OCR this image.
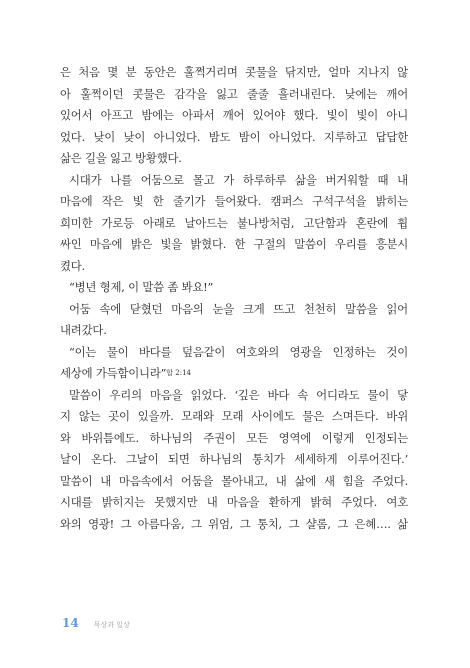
은 처음 몇 분 동안은 훌쩍거리며 콧물을 닦지만, 얼마 지나지 않
아 훌쩍이던 콧물은 감각을 잃고 줄줄 흘러내린다. 낮에는 깨어
있어서 아프고 밤에는 아파서 깨어 있어야 했다. 빛이 빛이 아니
었다. 낮이 낮이 아니었다. 밤도 밤이 아니었다. 지루하고 답답한
삶은 길을 잃고 방황했다.
시대가 나를 어둠으로 몰고 가 하루하루 삶을 버거워할 때 내
마음에 작은 빛 한 줄기가 들어왔다. 캠퍼스 구석구석을 밝히는
희미한 가로등 아래로 날아드는 불나방처럼, 고단함과 혼란에 휩
싸인 마음에 밝은 빛을 밝혔다. 한 구절의 말씀이 우리를 흥분시
켰다.
“병년 형제, 이 말씀 좀 봐요!”
어둠 속에 닫혔던 마음의 눈을 크게 뜨고 천천히 말씀을 읽어
내려갔다.
“이는 물이 바다를 덮음같이 여호와의 영광을 인정하는 것이
세상에 가득함이니라”합 2:14
말씀이 우리의 마음을 읽었다. ‘깊은 바다 속 어디라도 물이 닿
지 않는 곳이 있을까. 모래와 모래 사이에도 물은 스며든다. 바위
와 바위틈에도. 하나님의 주권이 모든 영역에 이렇게 인정되는
날이 온다. 그날이 되면 하나님의 통치가 세세하게 이루어진다.’
말씀이 내 마음속에서 어둠을 몰아내고, 내 삶에 새 힘을 주었다.
시대를 밝히지는 못했지만 내 마음을 환하게 밝혀 주었다. 여호
와의 영광! 그 아름다움, 그 위엄, 그 통치, 그 샬롬, 그 은혜…. 삶
14 묵상과 일상
